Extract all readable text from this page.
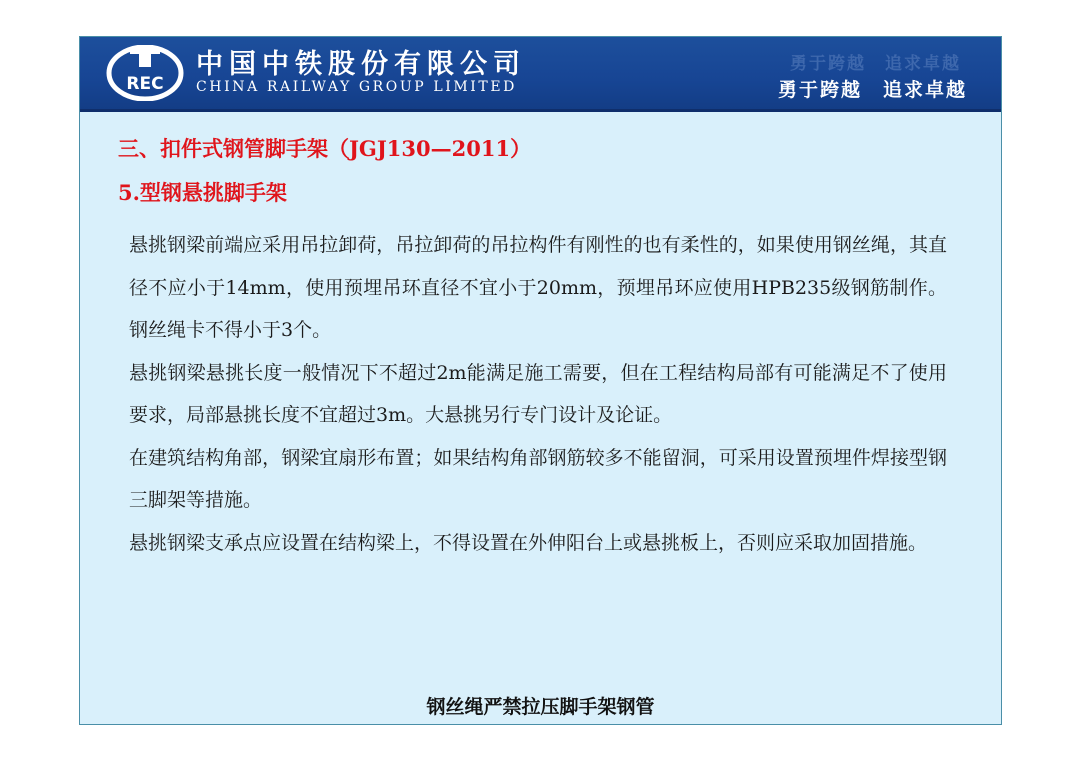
REC
中国中铁股份有限公司
CHINA RAILWAY GROUP LIMITED
勇于跨越　追求卓越
勇于跨越　追求卓越
三、扣件式钢管脚手架（JGJ130—2011）
5.型钢悬挑脚手架

悬挑钢梁前端应采用吊拉卸荷，吊拉卸荷的吊拉构件有刚性的也有柔性的，如果使用钢丝绳，其直径不应小于14mm，使用预埋吊环直径不宜小于20mm，预埋吊环应使用HPB235级钢筋制作。钢丝绳卡不得小于3个。

悬挑钢梁悬挑长度一般情况下不超过2m能满足施工需要，但在工程结构局部有可能满足不了使用要求，局部悬挑长度不宜超过3m。大悬挑另行专门设计及论证。

在建筑结构角部，钢梁宜扇形布置；如果结构角部钢筋较多不能留洞，可采用设置预埋件焊接型钢三脚架等措施。

悬挑钢梁支承点应设置在结构梁上，不得设置在外伸阳台上或悬挑板上，否则应采取加固措施。

钢丝绳严禁拉压脚手架钢管
